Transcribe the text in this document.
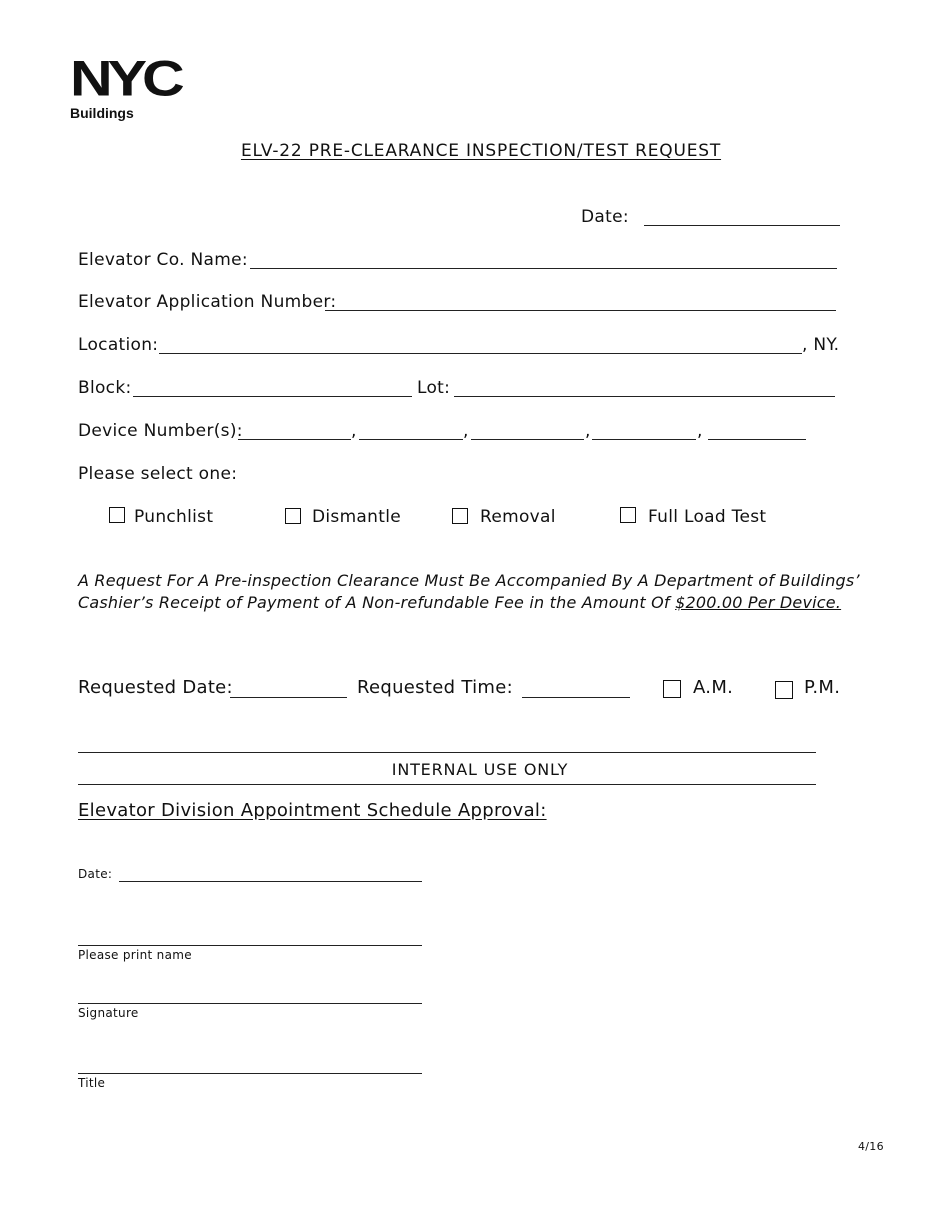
NYC
Buildings
ELV-22 PRE-CLEARANCE INSPECTION/TEST REQUEST
Date:
Elevator Co. Name:
Elevator Application Number:
Location:	, NY.
Block:	Lot:
Device Number(s):	,	,	,	,
Please select one:
Punchlist	Dismantle	Removal	Full Load Test
A Request For A Pre-inspection Clearance Must Be Accompanied By A Department of Buildings’
Cashier’s Receipt of Payment of A Non-refundable Fee in the Amount Of $200.00 Per Device.
Requested Date:	Requested Time:	A.M.	P.M.
INTERNAL USE ONLY
Elevator Division Appointment Schedule Approval:
Date:
Please print name
Signature
Title
4/16
